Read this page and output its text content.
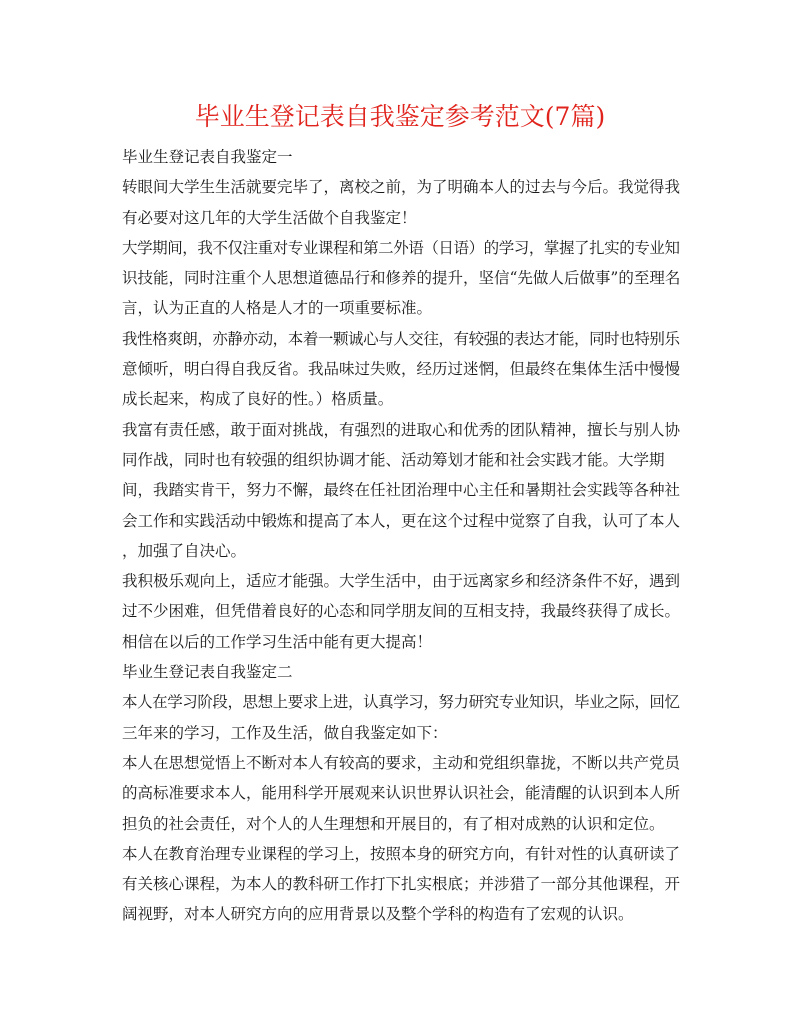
毕业生登记表自我鉴定参考范文(7篇)
毕业生登记表自我鉴定一
转眼间大学生生活就要完毕了，离校之前，为了明确本人的过去与今后。我觉得我
有必要对这几年的大学生活做个自我鉴定！
大学期间，我不仅注重对专业课程和第二外语（日语）的学习，掌握了扎实的专业知
识技能，同时注重个人思想道德品行和修养的提升，坚信“先做人后做事”的至理名
言，认为正直的人格是人才的一项重要标准。
我性格爽朗，亦静亦动，本着一颗诚心与人交往，有较强的表达才能，同时也特别乐
意倾听，明白得自我反省。我品味过失败，经历过迷惘，但最终在集体生活中慢慢
成长起来，构成了良好的性。）格质量。
我富有责任感，敢于面对挑战，有强烈的进取心和优秀的团队精神，擅长与别人协
同作战，同时也有较强的组织协调才能、活动筹划才能和社会实践才能。大学期
间，我踏实肯干，努力不懈，最终在任社团治理中心主任和暑期社会实践等各种社
会工作和实践活动中锻炼和提高了本人，更在这个过程中觉察了自我，认可了本人
，加强了自决心。
我积极乐观向上，适应才能强。大学生活中，由于远离家乡和经济条件不好，遇到
过不少困难，但凭借着良好的心态和同学朋友间的互相支持，我最终获得了成长。
相信在以后的工作学习生活中能有更大提高！
毕业生登记表自我鉴定二
本人在学习阶段，思想上要求上进，认真学习，努力研究专业知识，毕业之际，回忆
三年来的学习，工作及生活，做自我鉴定如下：
本人在思想觉悟上不断对本人有较高的要求，主动和党组织靠拢，不断以共产党员
的高标准要求本人，能用科学开展观来认识世界认识社会，能清醒的认识到本人所
担负的社会责任，对个人的人生理想和开展目的，有了相对成熟的认识和定位。
本人在教育治理专业课程的学习上，按照本身的研究方向，有针对性的认真研读了
有关核心课程，为本人的教科研工作打下扎实根底；并涉猎了一部分其他课程，开
阔视野，对本人研究方向的应用背景以及整个学科的构造有了宏观的认识。
